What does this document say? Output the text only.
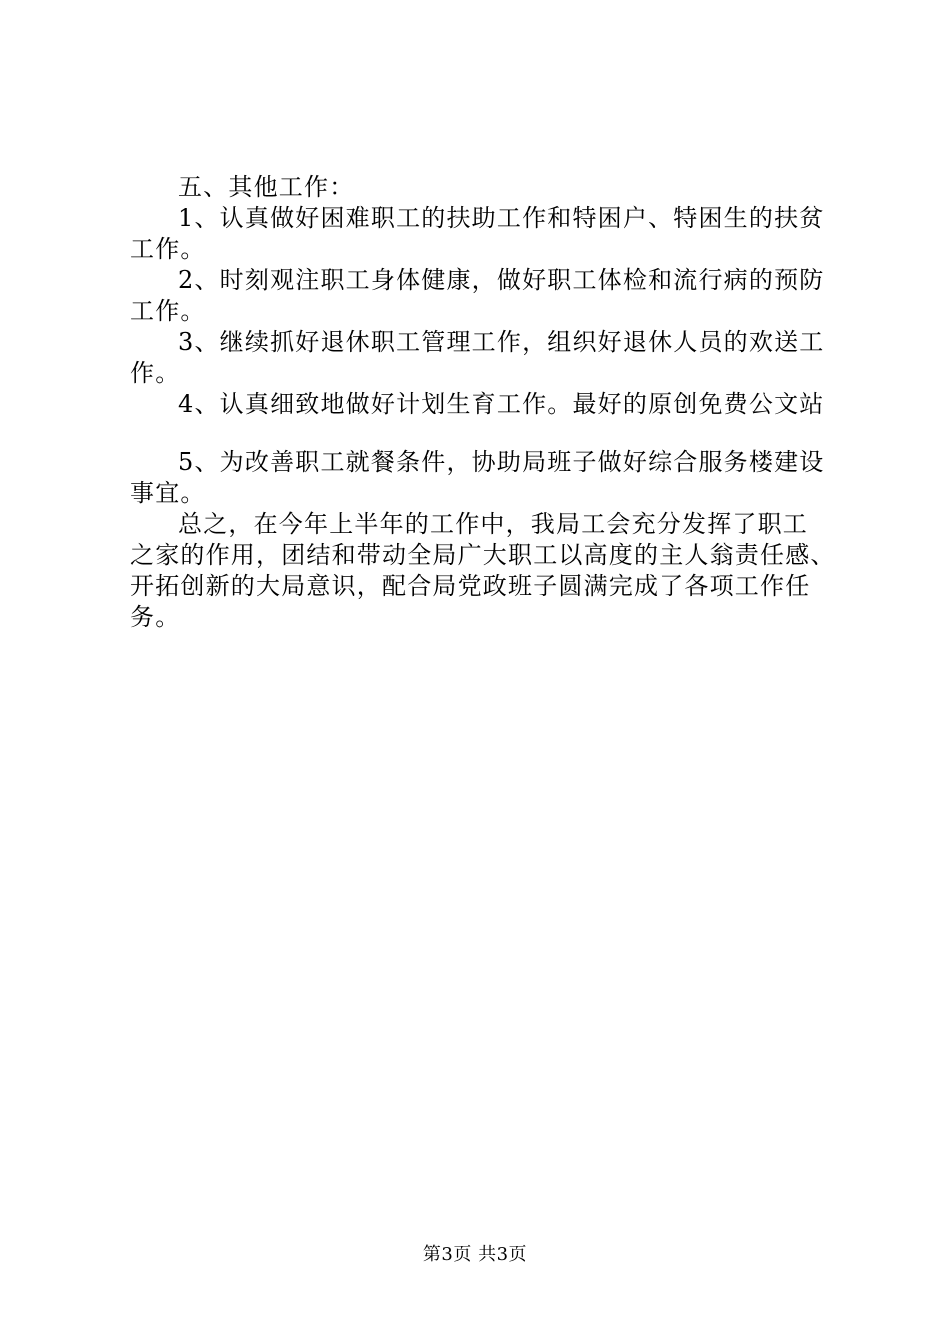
五、其他工作：
1、认真做好困难职工的扶助工作和特困户、特困生的扶贫
工作。
2、时刻观注职工身体健康，做好职工体检和流行病的预防
工作。
3、继续抓好退休职工管理工作，组织好退休人员的欢送工
作。
4、认真细致地做好计划生育工作。最好的原创免费公文站
5、为改善职工就餐条件，协助局班子做好综合服务楼建设
事宜。
总之，在今年上半年的工作中，我局工会充分发挥了职工
之家的作用，团结和带动全局广大职工以高度的主人翁责任感、
开拓创新的大局意识，配合局党政班子圆满完成了各项工作任
务。
第3页 共3页
